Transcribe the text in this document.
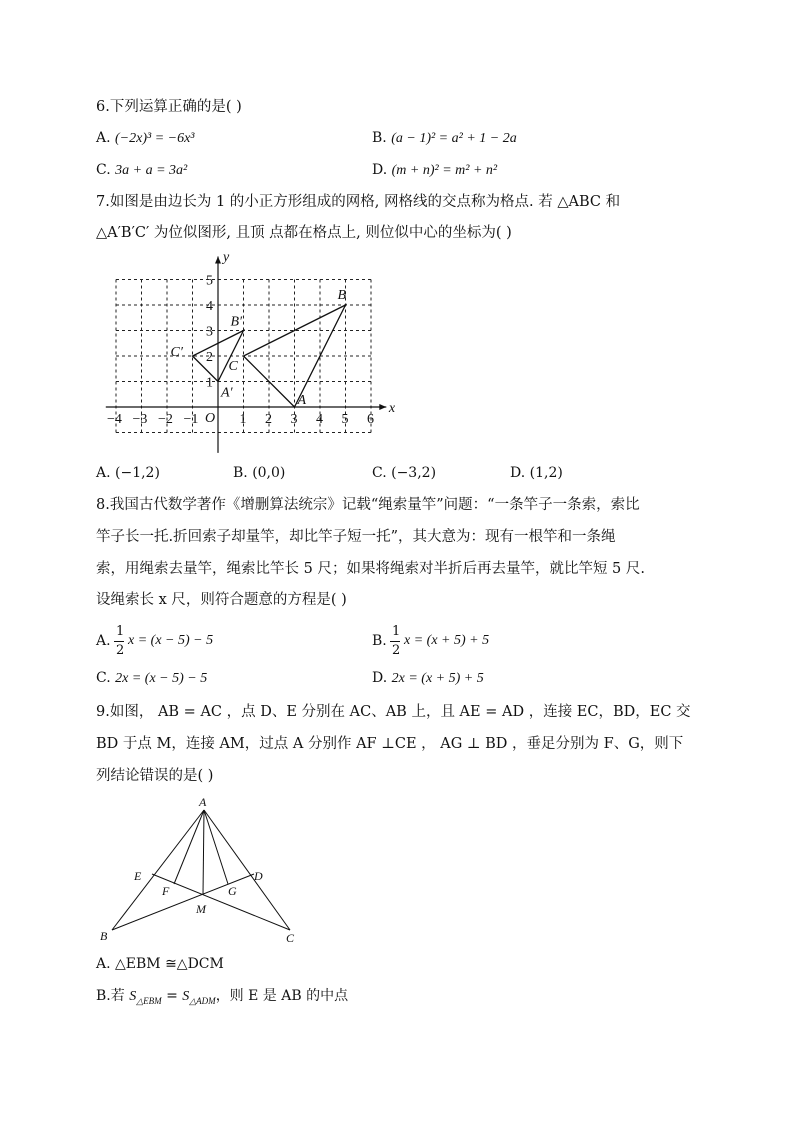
6.下列运算正确的是( )
A. (−2x)³ = −6x³	B. (a − 1)² = a² + 1 − 2a
C. 3a + a = 3a²	D. (m + n)² = m² + n²
7.如图是由边长为 1 的小正方形组成的网格, 网格线的交点称为格点. 若 △ABC 和
△A′B′C′ 为位似图形, 且顶 点都在格点上, 则位似中心的坐标为( )
x
y
O
−4 −3 −2 −1	1 2 3 4 5 6
1
2
3
4
5
A
B
C
A′
B′
C′
A. (−1,2)	B. (0,0)	C. (−3,2)	D. (1,2)
8.我国古代数学著作《增删算法统宗》记载“绳索量竿”问题：“一条竿子一条索，索比
竿子长一托.折回索子却量竿，却比竿子短一托”，其大意为：现有一根竿和一条绳
索，用绳索去量竿，绳索比竿长 5 尺；如果将绳索对半折后再去量竿，就比竿短 5 尺.
设绳索长 x 尺，则符合题意的方程是( )
A.
1
2
x = (x − 5) − 5	B.
1
2
x = (x + 5) + 5
C. 2x = (x − 5) − 5	D. 2x = (x + 5) + 5
9.如图， AB = AC ，点 D、E 分别在 AC、AB 上，且 AE = AD ，连接 EC，BD，EC 交
BD 于点 M，连接 AM，过点 A 分别作 AF ⊥CE ， AG ⊥ BD ，垂足分别为 F、G，则下
列结论错误的是( )
A
B	C
D
E
F	G
M
A. △EBM ≅△DCM
B.若 $S_{\triangle EBM} = S_{\triangle ADM}$，则 E 是 AB 的中点
